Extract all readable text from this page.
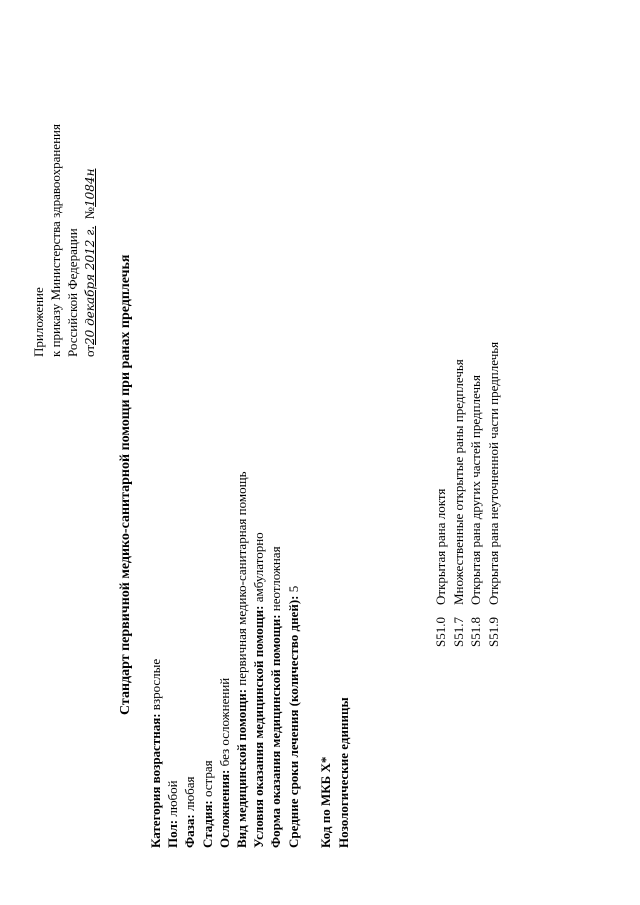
Приложение к приказу Министерства здравоохранения Российской Федерации от20 декабря 2012 г.  №1084н
Стандарт первичной медико-санитарной помощи при ранах предплечья
Категория возрастная: взрослые
Пол: любой
Фаза: любая
Стадия: острая Осложнения: без осложнений Вид медицинской помощи: первичная медико-санитарная помощь
Условия оказания медицинской помощи: амбулаторно
Форма оказания медицинской помощи: неотложная
Средние сроки лечения (количество дней): 5
Код по МКБ X* Нозологические единицы
S51.0Открытая рана локтя
S51.7Множественные открытые раны предплечья
S51.8Открытая рана других частей предплечья
S51.9Открытая рана неуточненной части предплечья
